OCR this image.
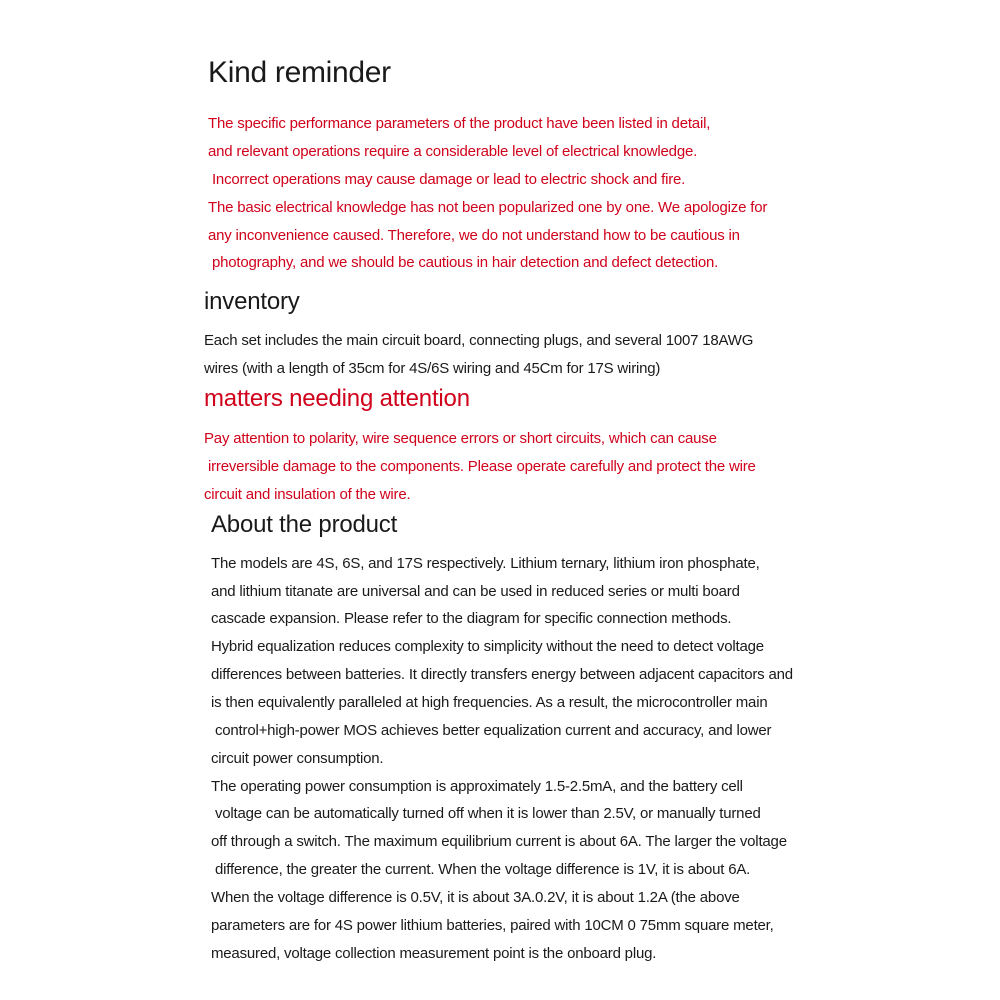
Kind reminder
The specific performance parameters of the product have been listed in detail,
and relevant operations require a considerable level of electrical knowledge.
Incorrect operations may cause damage or lead to electric shock and fire.
The basic electrical knowledge has not been popularized one by one. We apologize for
any inconvenience caused. Therefore, we do not understand how to be cautious in
photography, and we should be cautious in hair detection and defect detection.
inventory
Each set includes the main circuit board, connecting plugs, and several 1007 18AWG
wires (with a length of 35cm for 4S/6S wiring and 45Cm for 17S wiring)
matters needing attention
Pay attention to polarity, wire sequence errors or short circuits, which can cause
irreversible damage to the components. Please operate carefully and protect the wire
circuit and insulation of the wire.
About the product
The models are 4S, 6S, and 17S respectively. Lithium ternary, lithium iron phosphate,
and lithium titanate are universal and can be used in reduced series or multi board
cascade expansion. Please refer to the diagram for specific connection methods.
Hybrid equalization reduces complexity to simplicity without the need to detect voltage
differences between batteries. It directly transfers energy between adjacent capacitors and
is then equivalently paralleled at high frequencies. As a result, the microcontroller main
control+high-power MOS achieves better equalization current and accuracy, and lower
circuit power consumption.
The operating power consumption is approximately 1.5-2.5mA, and the battery cell
voltage can be automatically turned off when it is lower than 2.5V, or manually turned
off through a switch. The maximum equilibrium current is about 6A. The larger the voltage
difference, the greater the current. When the voltage difference is 1V, it is about 6A.
When the voltage difference is 0.5V, it is about 3A.0.2V, it is about 1.2A (the above
parameters are for 4S power lithium batteries, paired with 10CM 0 75mm square meter,
measured, voltage collection measurement point is the onboard plug.
